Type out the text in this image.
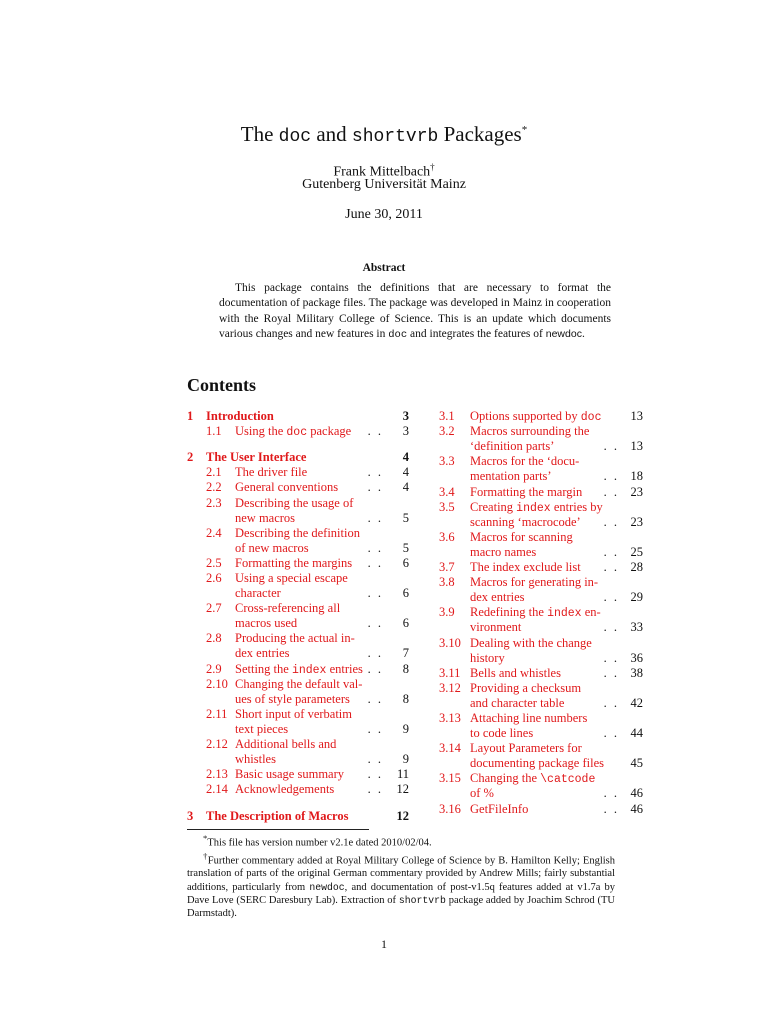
The doc and shortvrb Packages*
Frank Mittelbach†
Gutenberg Universität Mainz
June 30, 2011
Abstract
This package contains the definitions that are necessary to format the documentation of package files. The package was developed in Mainz in cooperation with the Royal Military College of Science. This is an update which documents various changes and new features in doc and integrates the features of newdoc.
Contents
1 Introduction	3
1.1 Using the doc package . . 3
2 The User Interface	4
2.1 The driver file	. . 4
2.2 General conventions . . 4
2.3 Describing the usage of
new macros	. . 5
2.4 Describing the definition
of new macros	. . 5
2.5 Formatting the margins . . 6
2.6 Using a special escape
character	. . 6
2.7 Cross-referencing all
macros used	. . 6
2.8 Producing the actual in-
dex entries	. . 7
2.9 Setting the index entries . . 8
2.10 Changing the default val-
ues of style parameters . . 8
2.11 Short input of verbatim
text pieces	. . 9
2.12 Additional bells and
whistles	. . 9
2.13 Basic usage summary . . 11
2.14 Acknowledgements	. . 12
3 The Description of Macros	12
3.1 Options supported by doc 13
3.2 Macros surrounding the
‘definition parts’	. . 13
3.3 Macros for the ‘docu-
mentation parts’	. . 18
3.4 Formatting the margin . . 23
3.5 Creating index entries by
scanning ‘macrocode’ . . 23
3.6 Macros for scanning
macro names	. . 25
3.7 The index exclude list . . 28
3.8 Macros for generating in-
dex entries	. . 29
3.9 Redefining the index en-
vironment	. . 33
3.10 Dealing with the change
history	. . 36
3.11 Bells and whistles	. . 38
3.12 Providing a checksum
and character table	. . 42
3.13 Attaching line numbers
to code lines	. . 44
3.14 Layout Parameters for
documenting package files 45
3.15 Changing the \catcode
of %	. . 46
3.16 GetFileInfo	. . 46

*This file has version number v2.1e dated 2010/02/04.

†Further commentary added at Royal Military College of Science by B. Hamilton Kelly; English translation of parts of the original German commentary provided by Andrew Mills; fairly substantial additions, particularly from newdoc, and documentation of post-v1.5q features added at v1.7a by Dave Love (SERC Daresbury Lab). Extraction of shortvrb package added by Joachim Schrod (TU Darmstadt).

1
